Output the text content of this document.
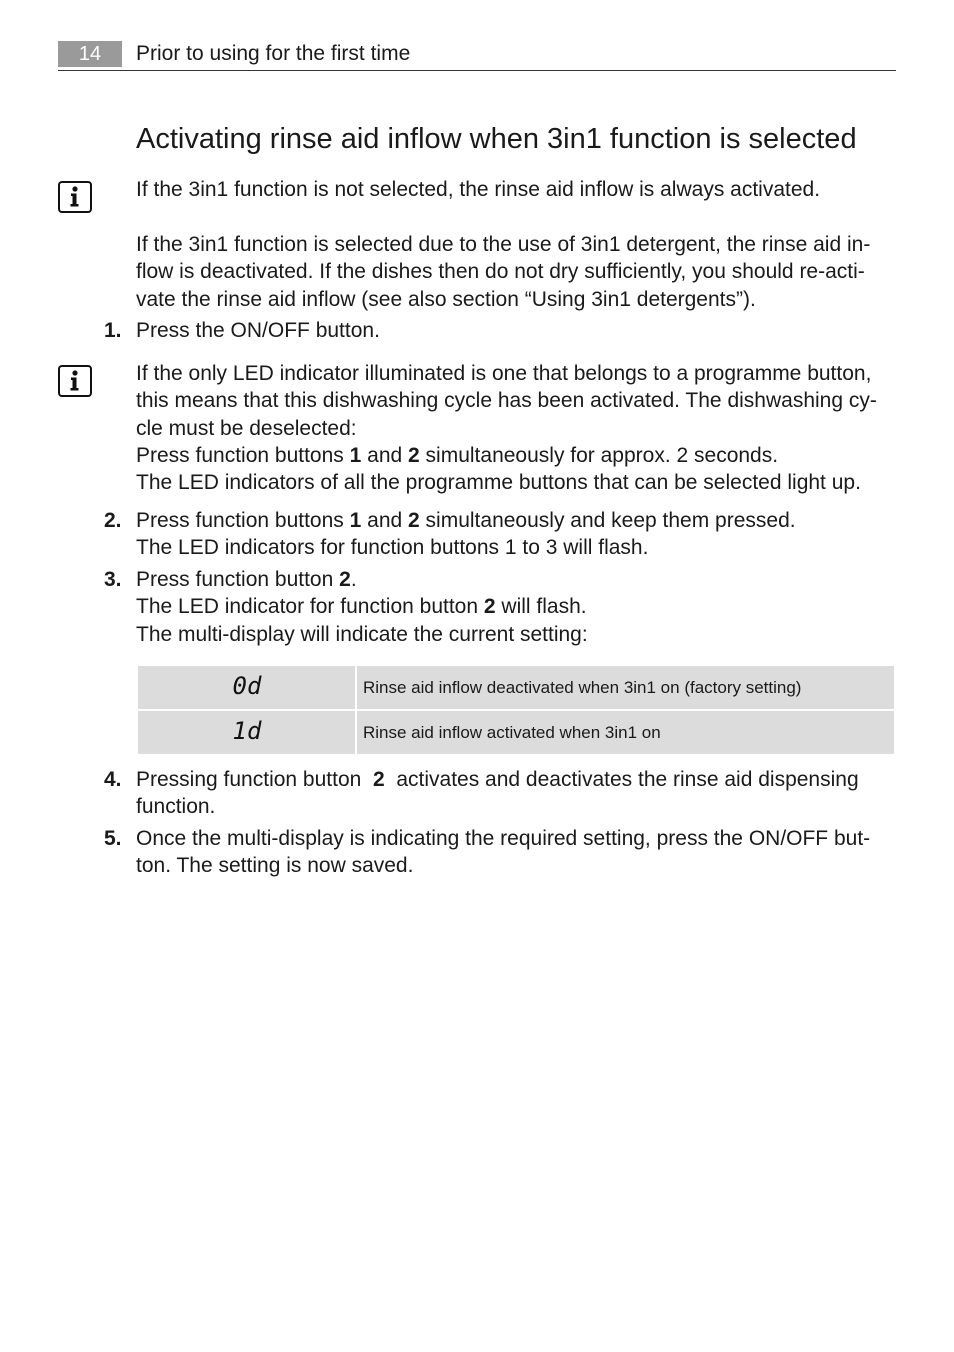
14	Prior to using for the first time
Activating rinse aid inflow when 3in1 function is selected
If the 3in1 function is not selected, the rinse aid inflow is always activated.
If the 3in1 function is selected due to the use of 3in1 detergent, the rinse aid in-
flow is deactivated. If the dishes then do not dry sufficiently, you should re-acti-
vate the rinse aid inflow (see also section “Using 3in1 detergents”).
1. Press the ON/OFF button.
If the only LED indicator illuminated is one that belongs to a programme button,
this means that this dishwashing cycle has been activated. The dishwashing cy-
cle must be deselected:
Press function buttons 1 and 2 simultaneously for approx. 2 seconds.
The LED indicators of all the programme buttons that can be selected light up.
2. Press function buttons 1 and 2 simultaneously and keep them pressed.
The LED indicators for function buttons 1 to 3 will flash.
3. Press function button 2.
The LED indicator for function button 2 will flash.
The multi-display will indicate the current setting:
0d	Rinse aid inflow deactivated when 3in1 on (factory setting)

1d	Rinse aid inflow activated when 3in1 on
4. Pressing function button  2  activates and deactivates the rinse aid dispensing
function.
5. Once the multi-display is indicating the required setting, press the ON/OFF but-
ton. The setting is now saved.
